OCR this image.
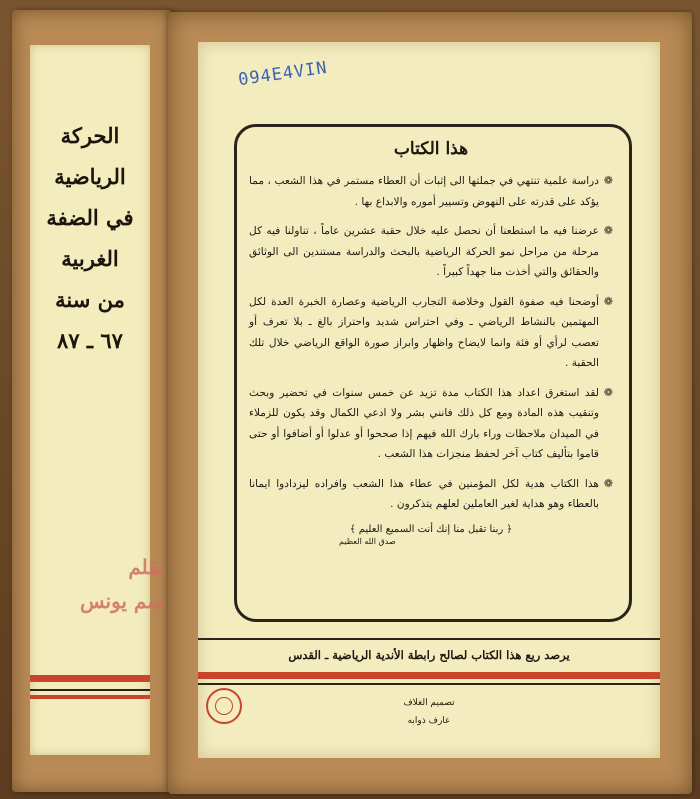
الحركة
الرياضية
في الضفة
الغربية
من سنة
٦٧ ـ ٨٧
بقلم
سم يونس
094E4VIN
هذا الكتاب
❁
دراسة علمية تنتهي في جملتها الى إثبات أن العطاء مستمر في هذا الشعب ، مما يؤكد على قدرته على النهوض وتسيير أموره والابداع بها .
❁
عرضنا فيه ما استطعنا أن نحصل عليه خلال حقبة عشرين عاماً ، تناولنا فيه كل مرحلة من مراحل نمو الحركة الرياضية بالبحث والدراسة مستندين الى الوثائق والحقائق والتي أخذت منا جهداً كبيراً .
❁
أوضحنا فيه صفوة القول وخلاصة التجارب الرياضية وعصارة الخبرة العدة لكل المهتمين بالنشاط الرياضي ـ وفي احتراس شديد واحتراز بالغ ـ بلا تعرف أو تعصب لرأي أو فئة وانما لايضاح واظهار وابراز صورة الواقع الرياضي خلال تلك الحقبة .
❁
لقد استغرق اعداد هذا الكتاب مدة تزيد عن خمس سنوات في تحضير وبحث وتنقيب هذه المادة ومع كل ذلك فانني بشر ولا ادعي الكمال وقد يكون للزملاء في الميدان ملاحظات وراء بارك الله فيهم إذا صححوا أو عدلوا أو أضافوا أو حتى قاموا بتأليف كتاب آخر لحفظ منجزات هذا الشعب .
❁
هذا الكتاب هدية لكل المؤمنين في عطاء هذا الشعب وافراده ليزدادوا ايمانا بالعطاء وهو هداية لغير العاملين لعلهم يتذكرون .
﴿ ربنا تقبل منا إنك أنت السميع العليم ﴾
صدق الله العظيم
يرصد ريع هذا الكتاب لصالح رابطة الأندية الرياضية ـ القدس
تصميم الغلاف
عارف ذوابه
